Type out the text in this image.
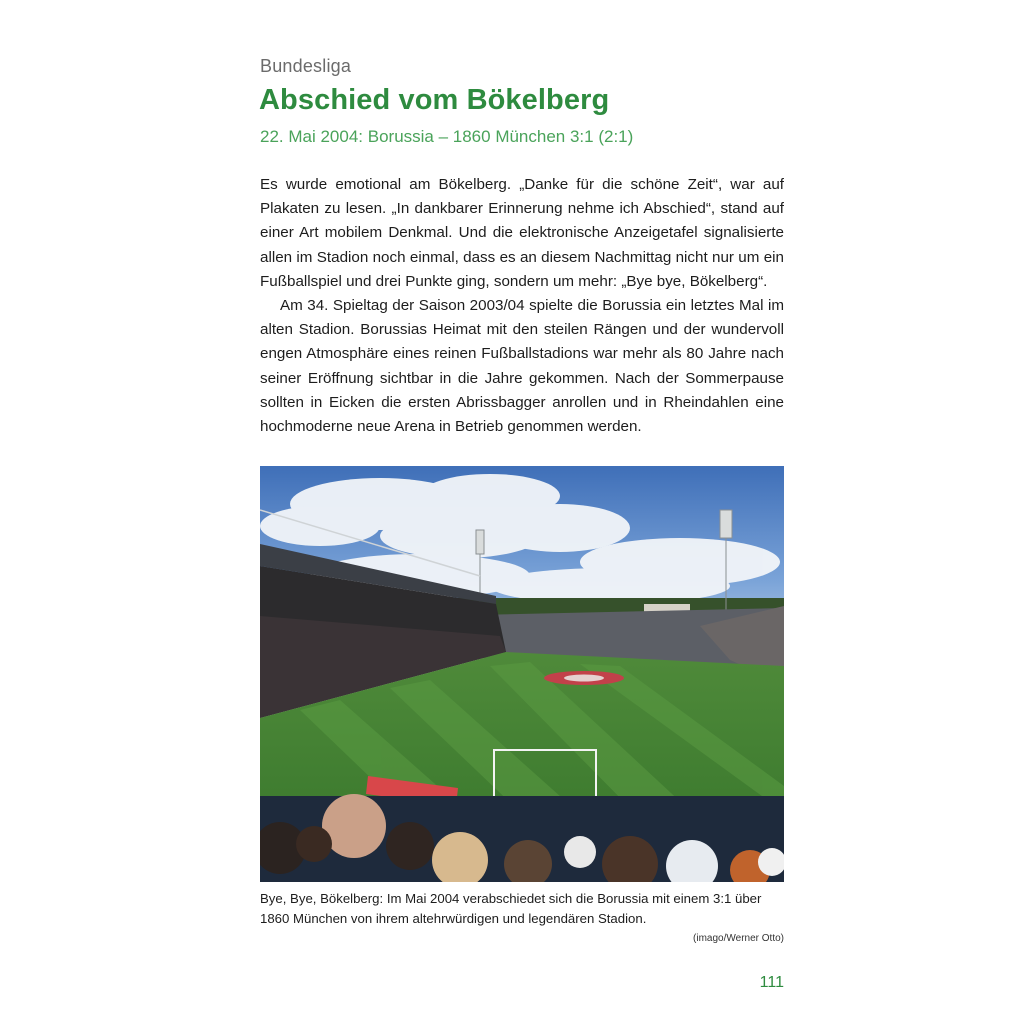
Bundesliga
Abschied vom Bökelberg
22. Mai 2004: Borussia – 1860 München 3:1 (2:1)

Es wurde emotional am Bökelberg. „Danke für die schöne Zeit“, war auf Plakaten zu lesen. „In dankbarer Erinnerung nehme ich Abschied“, stand auf einer Art mobilem Denkmal. Und die elektronische Anzeigetafel signalisierte allen im Stadion noch einmal, dass es an diesem Nachmittag nicht nur um ein Fußballspiel und drei Punkte ging, sondern um mehr: „Bye bye, Bökelberg“.

Am 34. Spieltag der Saison 2003/04 spielte die Borussia ein letztes Mal im alten Stadion. Borussias Heimat mit den steilen Rängen und der wundervoll engen Atmosphäre eines reinen Fußballstadions war mehr als 80 Jahre nach seiner Eröffnung sichtbar in die Jahre gekommen. Nach der Sommerpause sollten in Eicken die ersten Abrissbagger anrollen und in Rheindahlen eine hochmoderne neue Arena in Betrieb genommen werden.

Bye, Bye, Bökelberg: Im Mai 2004 verabschiedet sich die Borussia mit einem 3:1 über 1860 München von ihrem altehrwürdigen und legendären Stadion.

(imago/Werner Otto)
111
